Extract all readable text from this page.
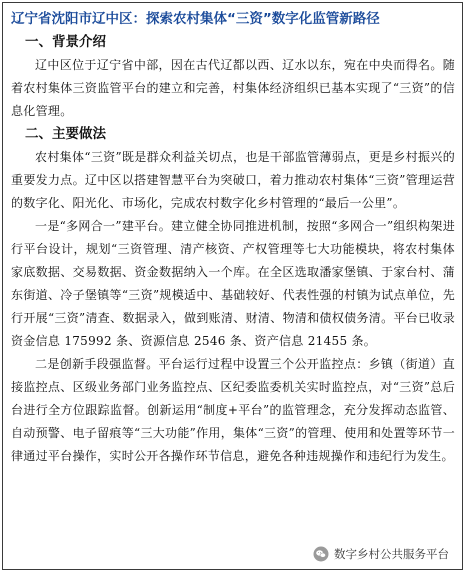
辽宁省沈阳市辽中区：探索农村集体“三资”数字化监管新路径
一、背景介绍

辽中区位于辽宁省中部，因在古代辽都以西、辽水以东，宛在中央而得名。随着农村集体三资监管平台的建立和完善，村集体经济组织已基本实现了“三资”的信息化管理。

二、主要做法

农村集体“三资”既是群众利益关切点，也是干部监管薄弱点，更是乡村振兴的重要发力点。辽中区以搭建智慧平台为突破口，着力推动农村集体“三资”管理运营的数字化、阳光化、市场化，完成农村数字化乡村管理的“最后一公里”。

一是“多网合一”建平台。建立健全协同推进机制，按照“多网合一”组织构架进行平台设计，规划“三资管理、清产核资、产权管理等七大功能模块，将农村集体家底数据、交易数据、资金数据纳入一个库。在全区选取潘家堡镇、于家台村、蒲东街道、冷子堡镇等“三资”规模适中、基础较好、代表性强的村镇为试点单位，先行开展“三资”清查、数据录入，做到账清、财清、物清和债权债务清。平台已收录资金信息 175992 条、资源信息 2546 条、资产信息 21455 条。

二是创新手段强监督。平台运行过程中设置三个公开监控点：乡镇（街道）直接监控点、区级业务部门业务监控点、区纪委监委机关实时监控点，对“三资”总后台进行全方位跟踪监督。创新运用“制度+平台”的监管理念，充分发挥动态监管、自动预警、电子留痕等“三大功能”作用，集体“三资”的管理、使用和处置等环节一律通过平台操作，实时公开各操作环节信息，避免各种违规操作和违纪行为发生。

数字乡村公共服务平台
